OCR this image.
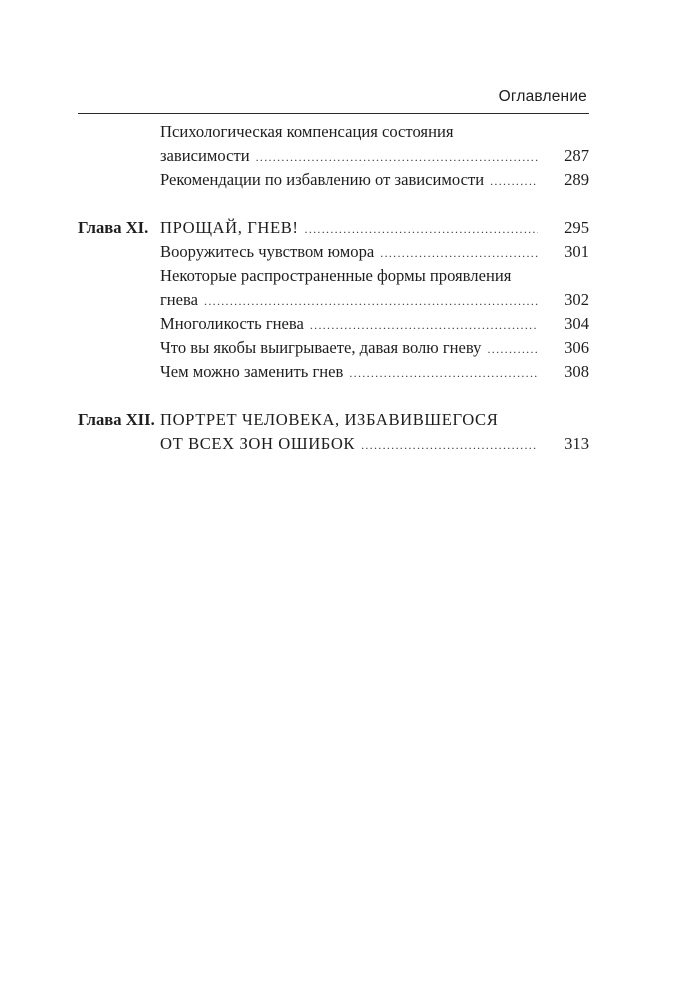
Оглавление
Психологическая компенсация состояния
зависимости .....	287
Рекомендации по избавлению от зависимости .....	289
Глава XI. ПРОЩАЙ, ГНЕВ! .....	295
Вооружитесь чувством юмора .....	301
Некоторые распространенные формы проявления
гнева .....	302
Многоликость гнева .....	304
Что вы якобы выигрываете, давая волю гневу .....	306
Чем можно заменить гнев .....	308
Глава XII. ПОРТРЕТ ЧЕЛОВЕКА, ИЗБАВИВШЕГОСЯ
ОТ ВСЕХ ЗОН ОШИБОК .....	313
